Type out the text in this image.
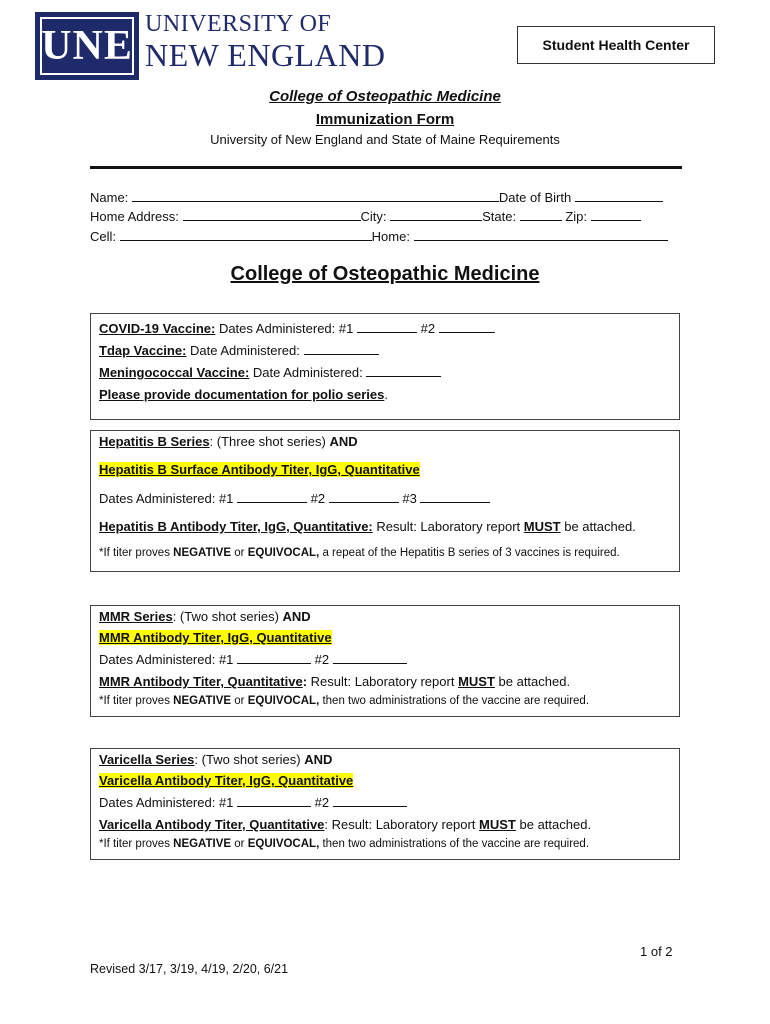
UNE UNIVERSITY OF
NEW ENGLAND	Student Health Center
College of Osteopathic Medicine
Immunization Form
University of New England and State of Maine Requirements
Name:	Date of Birth
Home Address:	City:	State:	Zip:
Cell:	Home:
College of Osteopathic Medicine
COVID-19 Vaccine: Dates Administered: #1	#2
Tdap Vaccine: Date Administered:
Meningococcal Vaccine: Date Administered:
Please provide documentation for polio series.
Hepatitis B Series: (Three shot series) AND
Hepatitis B Surface Antibody Titer, IgG, Quantitative
Dates Administered: #1	#2	#3
Hepatitis B Antibody Titer, IgG, Quantitative: Result: Laboratory report MUST be attached.
*If titer proves NEGATIVE or EQUIVOCAL, a repeat of the Hepatitis B series of 3 vaccines is required.
MMR Series: (Two shot series) AND
MMR Antibody Titer, IgG, Quantitative
Dates Administered: #1	#2
MMR Antibody Titer, Quantitative: Result: Laboratory report MUST be attached.
*If titer proves NEGATIVE or EQUIVOCAL, then two administrations of the vaccine are required.
Varicella Series: (Two shot series) AND
Varicella Antibody Titer, IgG, Quantitative
Dates Administered: #1	#2
Varicella Antibody Titer, Quantitative: Result: Laboratory report MUST be attached.
*If titer proves NEGATIVE or EQUIVOCAL, then two administrations of the vaccine are required.
1 of 2
Revised 3/17, 3/19, 4/19, 2/20, 6/21
